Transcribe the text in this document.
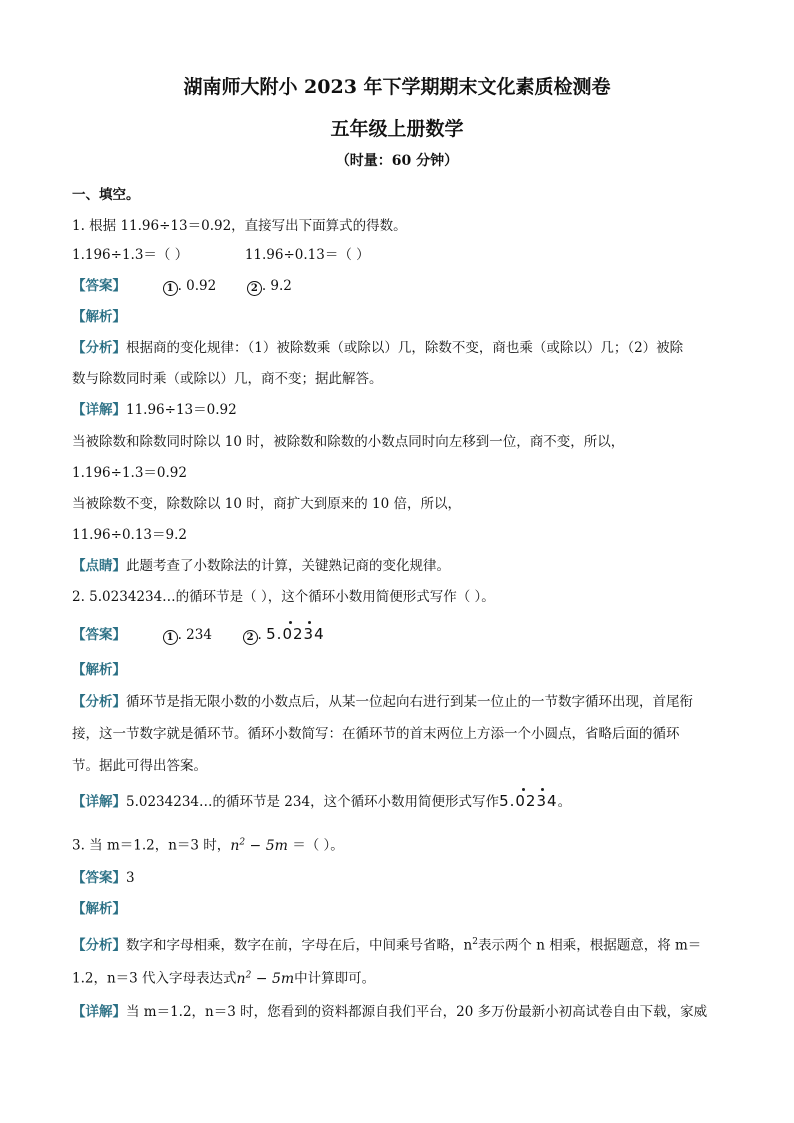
湖南师大附小 2023 年下学期期末文化素质检测卷
五年级上册数学
（时量：60 分钟）
一、填空。
1. 根据 11.96÷13＝0.92，直接写出下面算式的得数。
1.196÷1.3＝（ ）	11.96÷0.13＝（ ）
【答案】	1 . 0.92	2 . 9.2
【解析】
【分析】根据商的变化规律：（1）被除数乘（或除以）几，除数不变，商也乘（或除以）几；（2）被除
数与除数同时乘（或除以）几，商不变；据此解答。
【详解】11.96÷13＝0.92
当被除数和除数同时除以 10 时，被除数和除数的小数点同时向左移到一位，商不变，所以，
1.196÷1.3＝0.92
当被除数不变，除数除以 10 时，商扩大到原来的 10 倍，所以，
11.96÷0.13＝9.2
【点睛】此题考查了小数除法的计算，关键熟记商的变化规律。
2. 5.0234234…的循环节是（ ），这个循环小数用简便形式写作（ ）。
【答案】	1 . 234	2 . 5.0234
【解析】
【分析】循环节是指无限小数的小数点后，从某一位起向右进行到某一位止的一节数字循环出现，首尾衔
接，这一节数字就是循环节。循环小数简写：在循环节的首末两位上方添一个小圆点，省略后面的循环
节。据此可得出答案。
【详解】5.0234234…的循环节是 234，这个循环小数用简便形式写作5.0234
。
3. 当 m＝1.2，n＝3 时，$n^2 - 5m$ ＝（ ）。
【答案】3
【解析】
【分析】数字和字母相乘，数字在前，字母在后，中间乘号省略，$n^2$表示两个 n 相乘，根据题意，将 m＝
1.2，n＝3 代入字母表达式$n^2 - 5m$中计算即可。
【详解】当 m＝1.2，n＝3 时，您看到的资料都源自我们平台，20 多万份最新小初高试卷自由下载，家威
